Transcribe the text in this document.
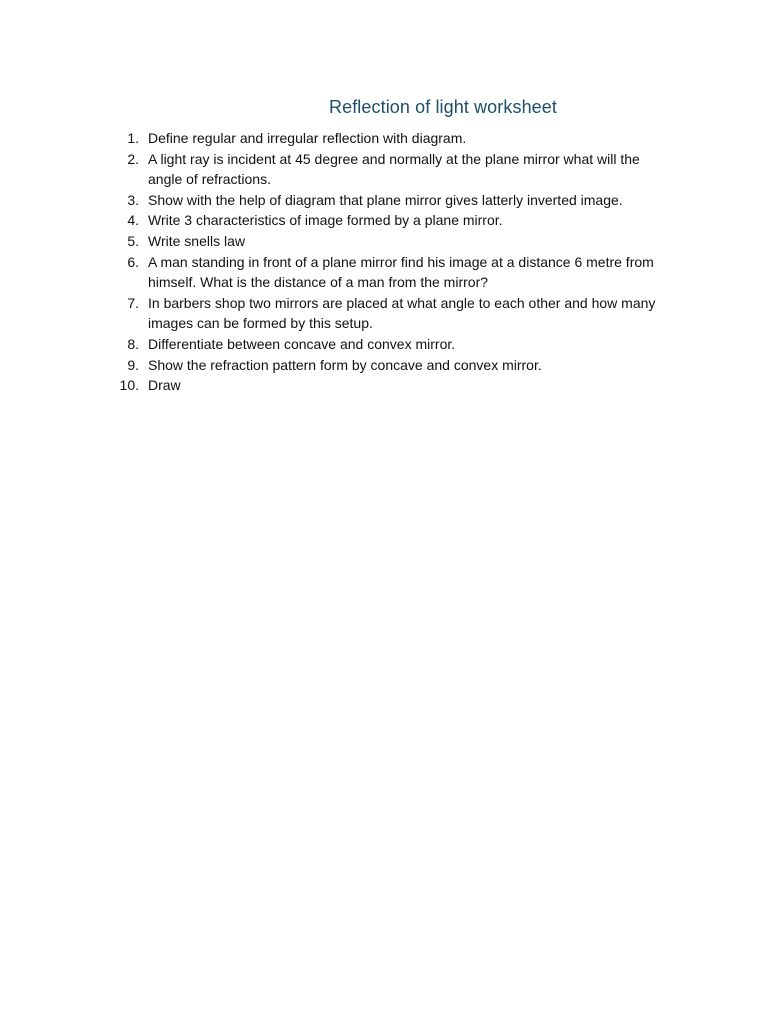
Reflection of light worksheet
1. Define regular and irregular reflection with diagram.
2. A light ray is incident at 45 degree and normally at the plane mirror what will the angle of refractions.
3. Show with the help of diagram that plane mirror gives latterly inverted image.
4. Write 3 characteristics of image formed by a plane mirror.
5. Write snells law
6. A man standing in front of a plane mirror find his image at a distance 6 metre from himself. What is the distance of a man from the mirror?
7. In barbers shop two mirrors are placed at what angle to each other and how many images can be formed by this setup.
8. Differentiate between concave and convex mirror.
9. Show the refraction pattern form by concave and convex mirror.
10. Draw
